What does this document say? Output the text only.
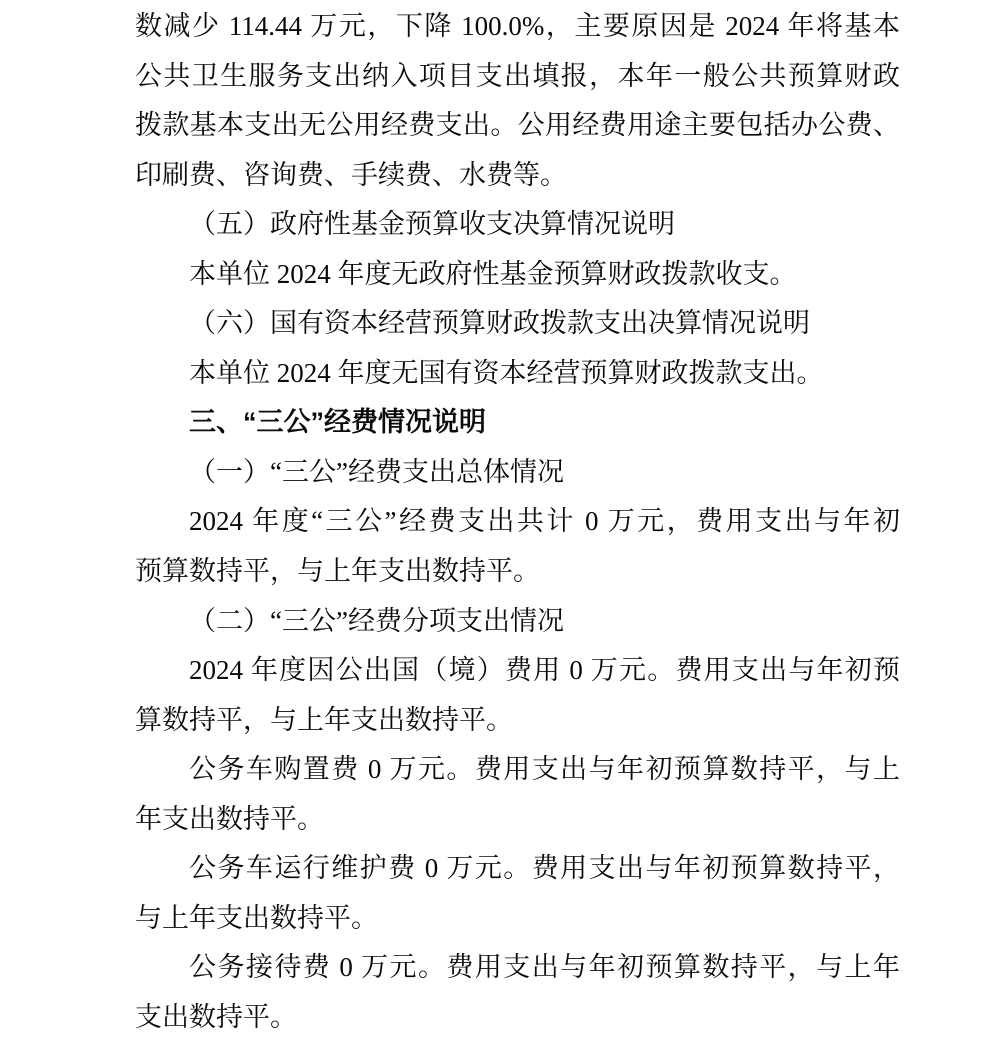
数减少 114.44 万元，下降 100.0%，主要原因是 2024 年将基本
公共卫生服务支出纳入项目支出填报，本年一般公共预算财政
拨款基本支出无公用经费支出。公用经费用途主要包括办公费、
印刷费、咨询费、手续费、水费等。
（五）政府性基金预算收支决算情况说明
本单位 2024 年度无政府性基金预算财政拨款收支。
（六）国有资本经营预算财政拨款支出决算情况说明
本单位 2024 年度无国有资本经营预算财政拨款支出。
三、“三公”经费情况说明
（一）“三公”经费支出总体情况
2024 年度“三公”经费支出共计 0 万元，费用支出与年初
预算数持平，与上年支出数持平。
（二）“三公”经费分项支出情况
2024 年度因公出国（境）费用 0 万元。费用支出与年初预
算数持平，与上年支出数持平。
公务车购置费 0 万元。费用支出与年初预算数持平，与上
年支出数持平。
公务车运行维护费 0 万元。费用支出与年初预算数持平，
与上年支出数持平。
公务接待费 0 万元。费用支出与年初预算数持平，与上年
支出数持平。
